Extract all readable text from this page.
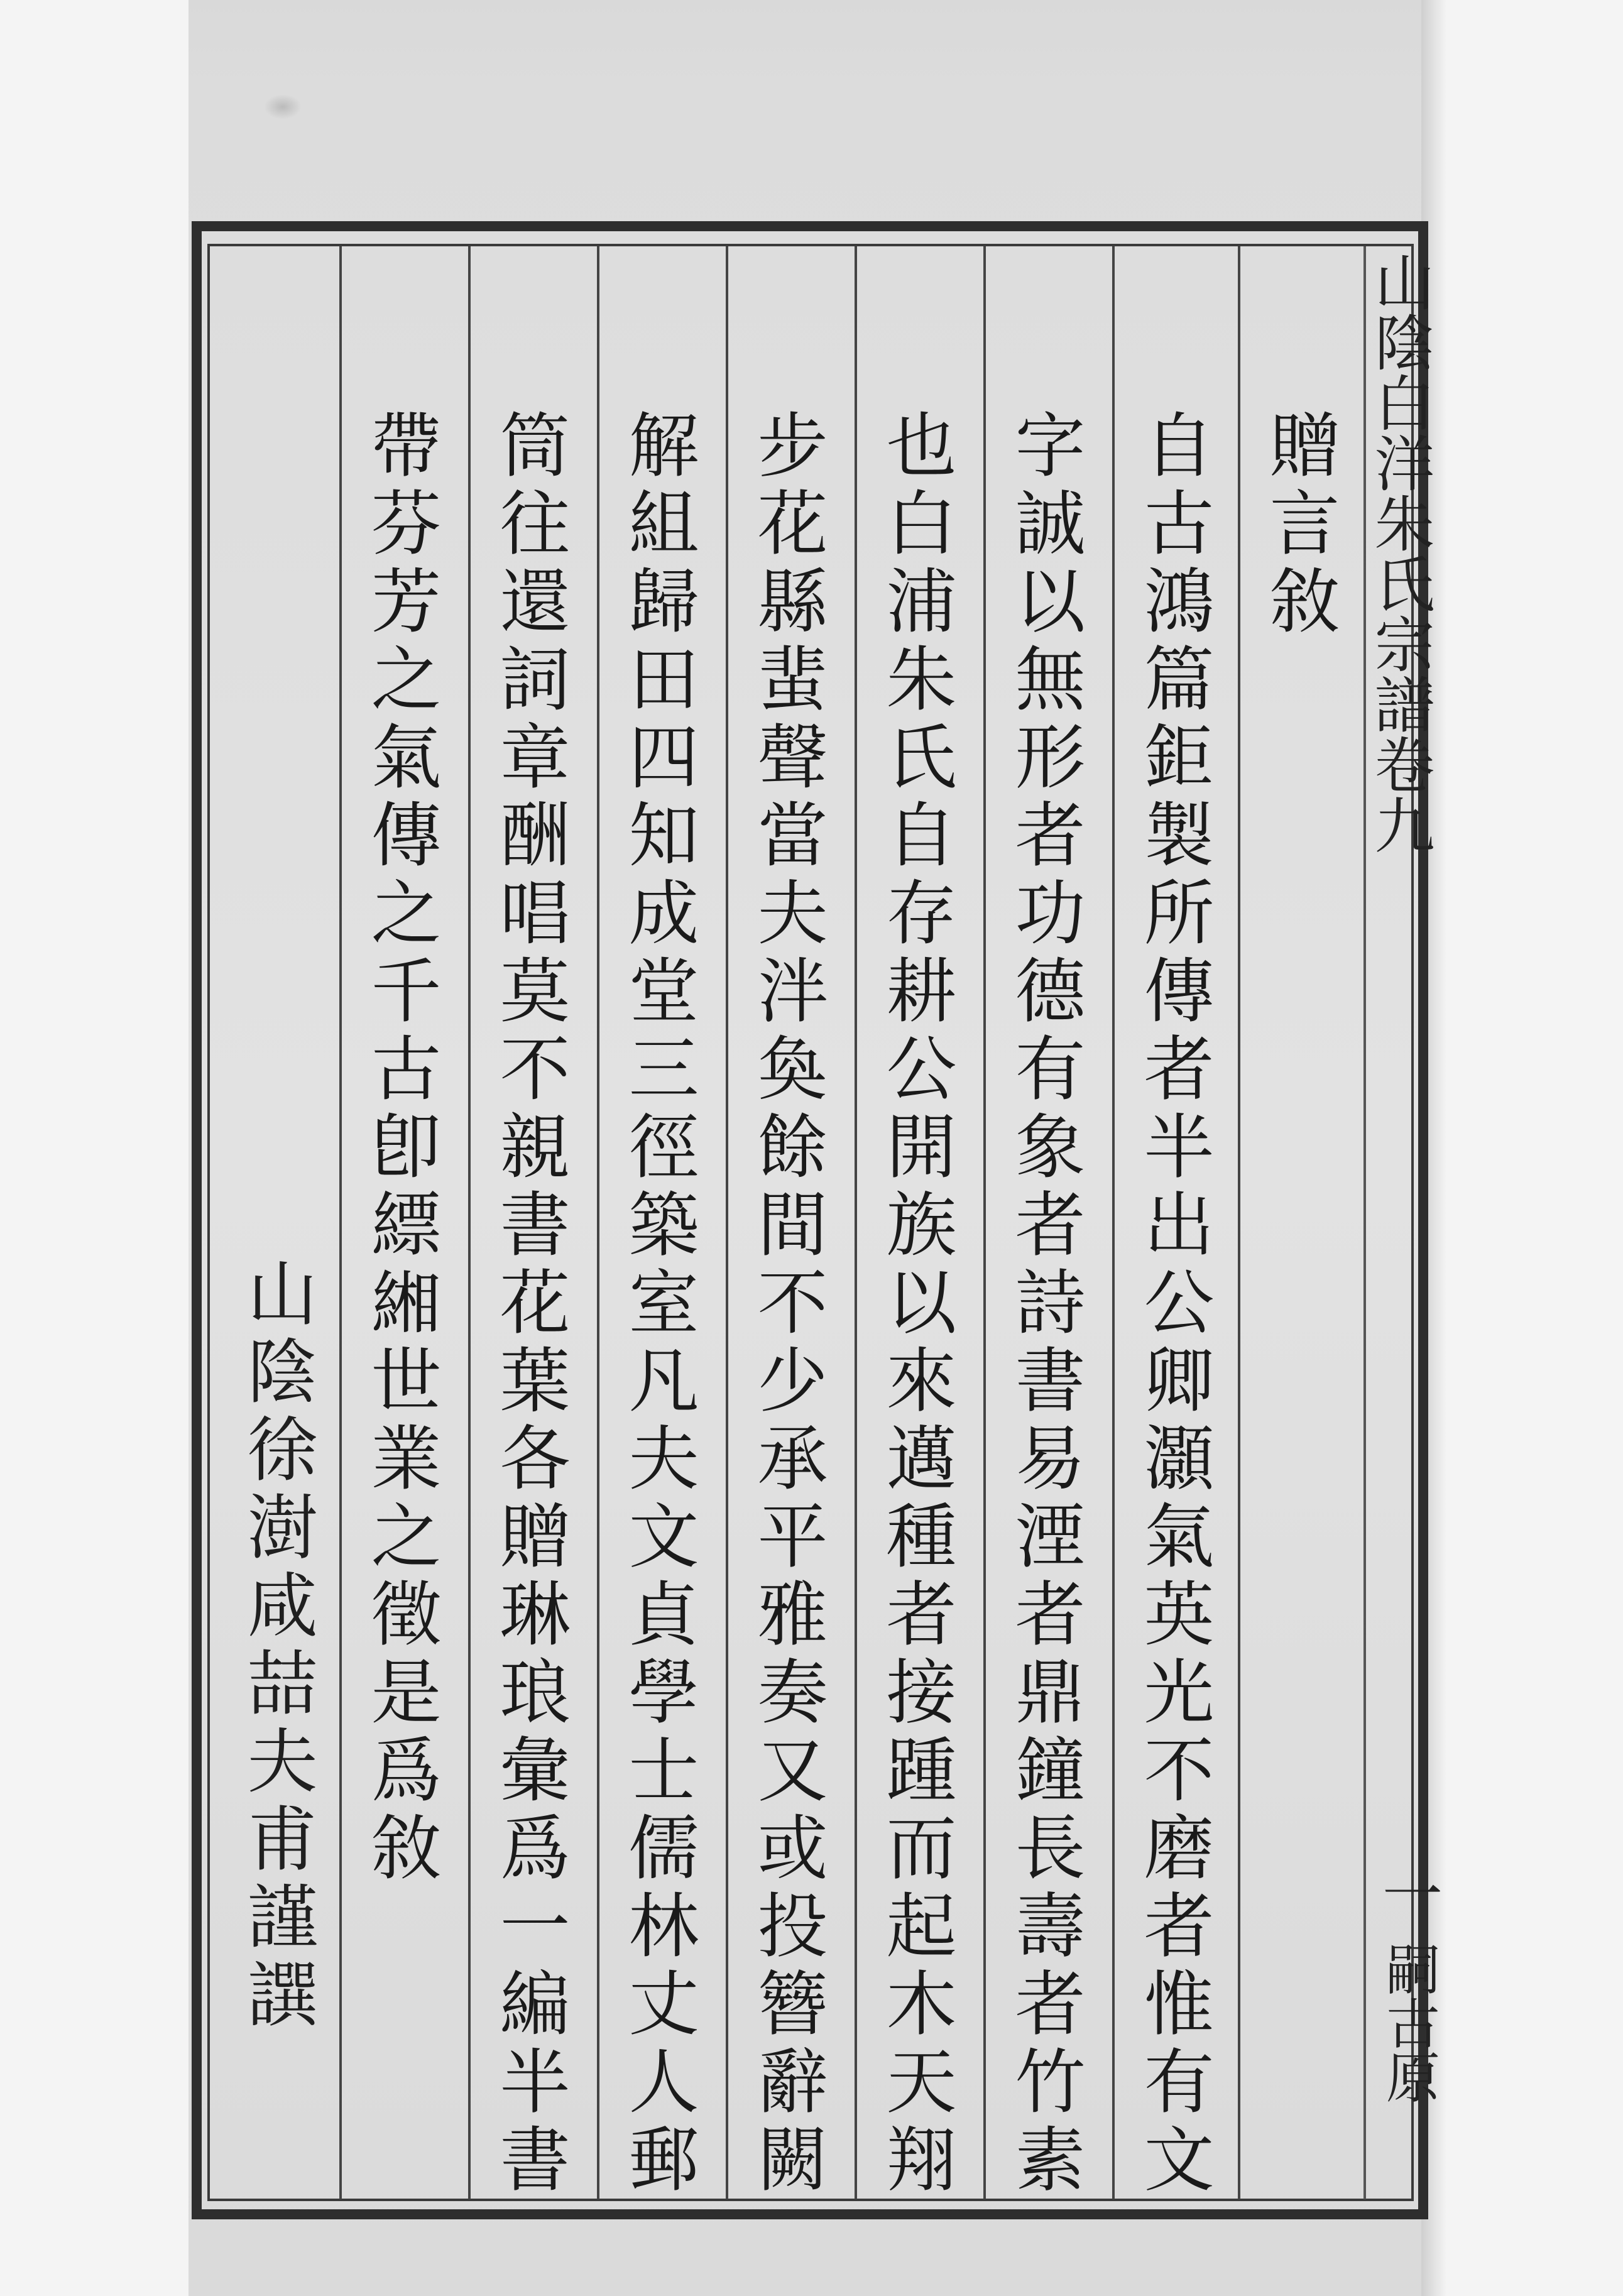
贈言敘
自古鴻篇鉅製所傳者半出公卿灝氣英光不磨者惟有文
字誠以無形者功德有象者詩書易湮者鼎鐘長壽者竹素
也白浦朱氏自存耕公開族以來邁種者接踵而起木天翔
步花縣蜚聲當夫泮奐餘間不少承平雅奏又或投簪辭闕
解組歸田四知成堂三徑築室凡夫文貞學士儒林丈人郵
筒往還詞章酬唱莫不親書花葉各贈琳琅彙爲一編半書
帶芬芳之氣傳之千古卽縹緗世業之徵是爲敘
山陰徐澍咸喆夫甫謹譔
山陰白洋朱氏宗譜卷九
一
嗣古原
